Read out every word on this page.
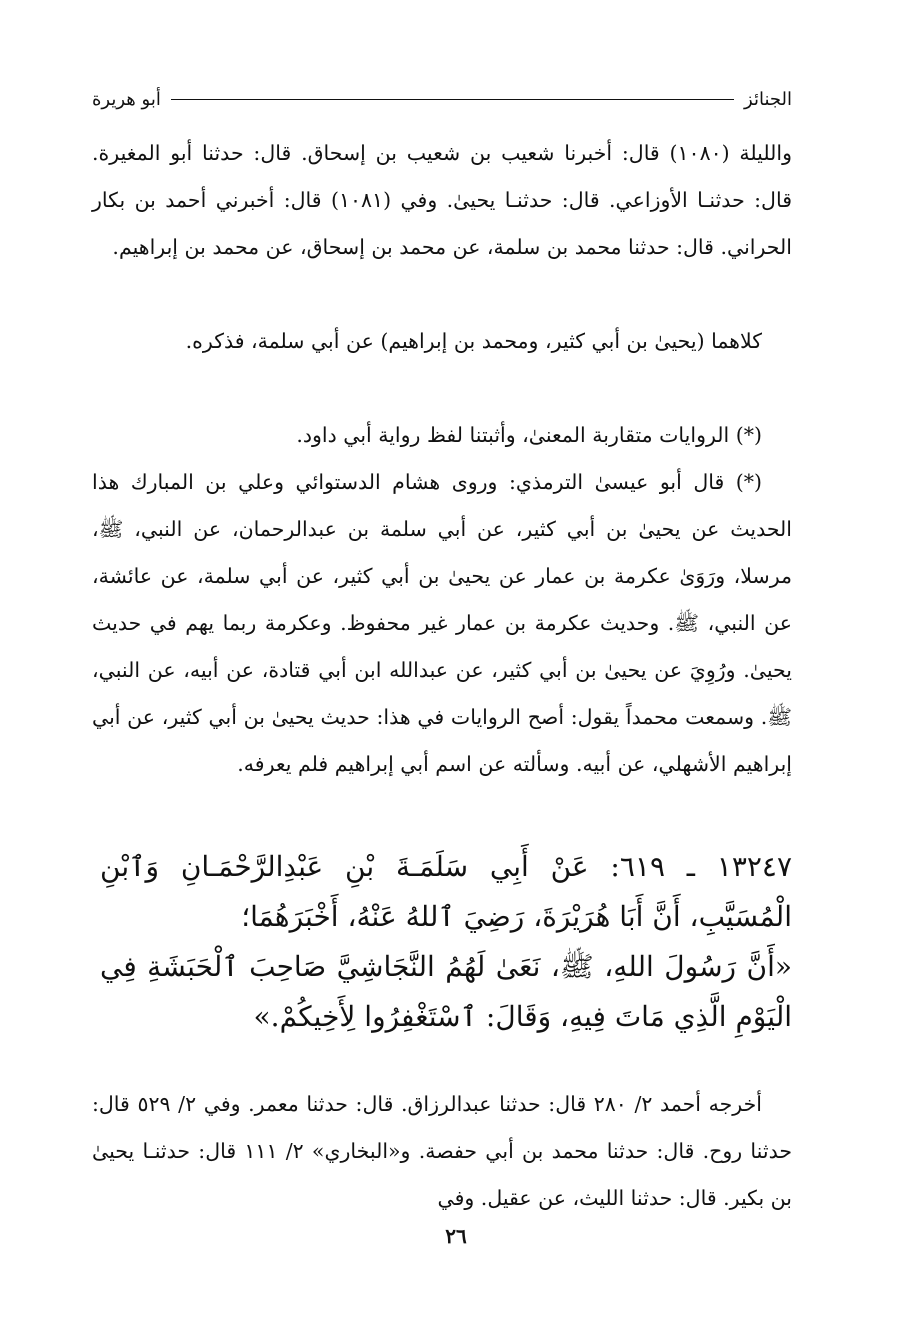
الجنائز
أبو هريرة

والليلة (١٠٨٠) قال: أخبرنا شعيب بن شعيب بن إسحاق. قال: حدثنا أبو المغيرة. قال: حدثنـا الأوزاعي. قال: حدثنـا يحيىٰ. وفي (١٠٨١) قال: أخبرني أحمد بن بكار الحراني. قال: حدثنا محمد بن سلمة، عن محمد بن إسحاق، عن محمد بن إبراهيم.

كلاهما (يحيىٰ بن أبي كثير، ومحمد بن إبراهيم) عن أبي سلمة، فذكره.

(*) الروايات متقاربة المعنىٰ، وأثبتنا لفظ رواية أبي داود.

(*) قال أبو عيسىٰ الترمذي: وروى هشام الدستوائي وعلي بن المبارك هذا الحديث عن يحيىٰ بن أبي كثير، عن أبي سلمة بن عبدالرحمان، عن النبي، ﷺ، مرسلا، ورَوَىٰ عكرمة بن عمار عن يحيىٰ بن أبي كثير، عن أبي سلمة، عن عائشة، عن النبي، ﷺ. وحديث عكرمة بن عمار غير محفوظ. وعكرمة ربما يهم في حديث يحيىٰ. ورُوِيَ عن يحيىٰ بن أبي كثير، عن عبدالله ابن أبي قتادة، عن أبيه، عن النبي، ﷺ. وسمعت محمداً يقول: أصح الروايات في هذا: حديث يحيىٰ بن أبي كثير، عن أبي إبراهيم الأشهلي، عن أبيه. وسألته عن اسم أبي إبراهيم فلم يعرفه.

١٣٢٤٧ ـ ٦١٩: عَنْ أَبِي سَلَمَـةَ بْنِ عَبْدِالرَّحْمَـانِ وَٱبْنِ الْمُسَيَّبِ، أَنَّ أَبَا هُرَيْرَةَ، رَضِيَ ٱللهُ عَنْهُ، أَخْبَرَهُمَا؛

«أَنَّ رَسُولَ اللهِ، ﷺ، نَعَىٰ لَهُمُ النَّجَاشِيَّ صَاحِبَ ٱلْحَبَشَةِ فِي الْيَوْمِ الَّذِي مَاتَ فِيهِ، وَقَالَ: ٱسْتَغْفِرُوا لِأَخِيكُمْ.»

أخرجه أحمد ٢/ ٢٨٠ قال: حدثنا عبدالرزاق. قال: حدثنا معمر. وفي ٢/ ٥٢٩ قال: حدثنا روح. قال: حدثنا محمد بن أبي حفصة. و«البخاري» ٢/ ١١١ قال: حدثنـا يحيىٰ بن بكير. قال: حدثنا الليث، عن عقيل. وفي

٢٦
